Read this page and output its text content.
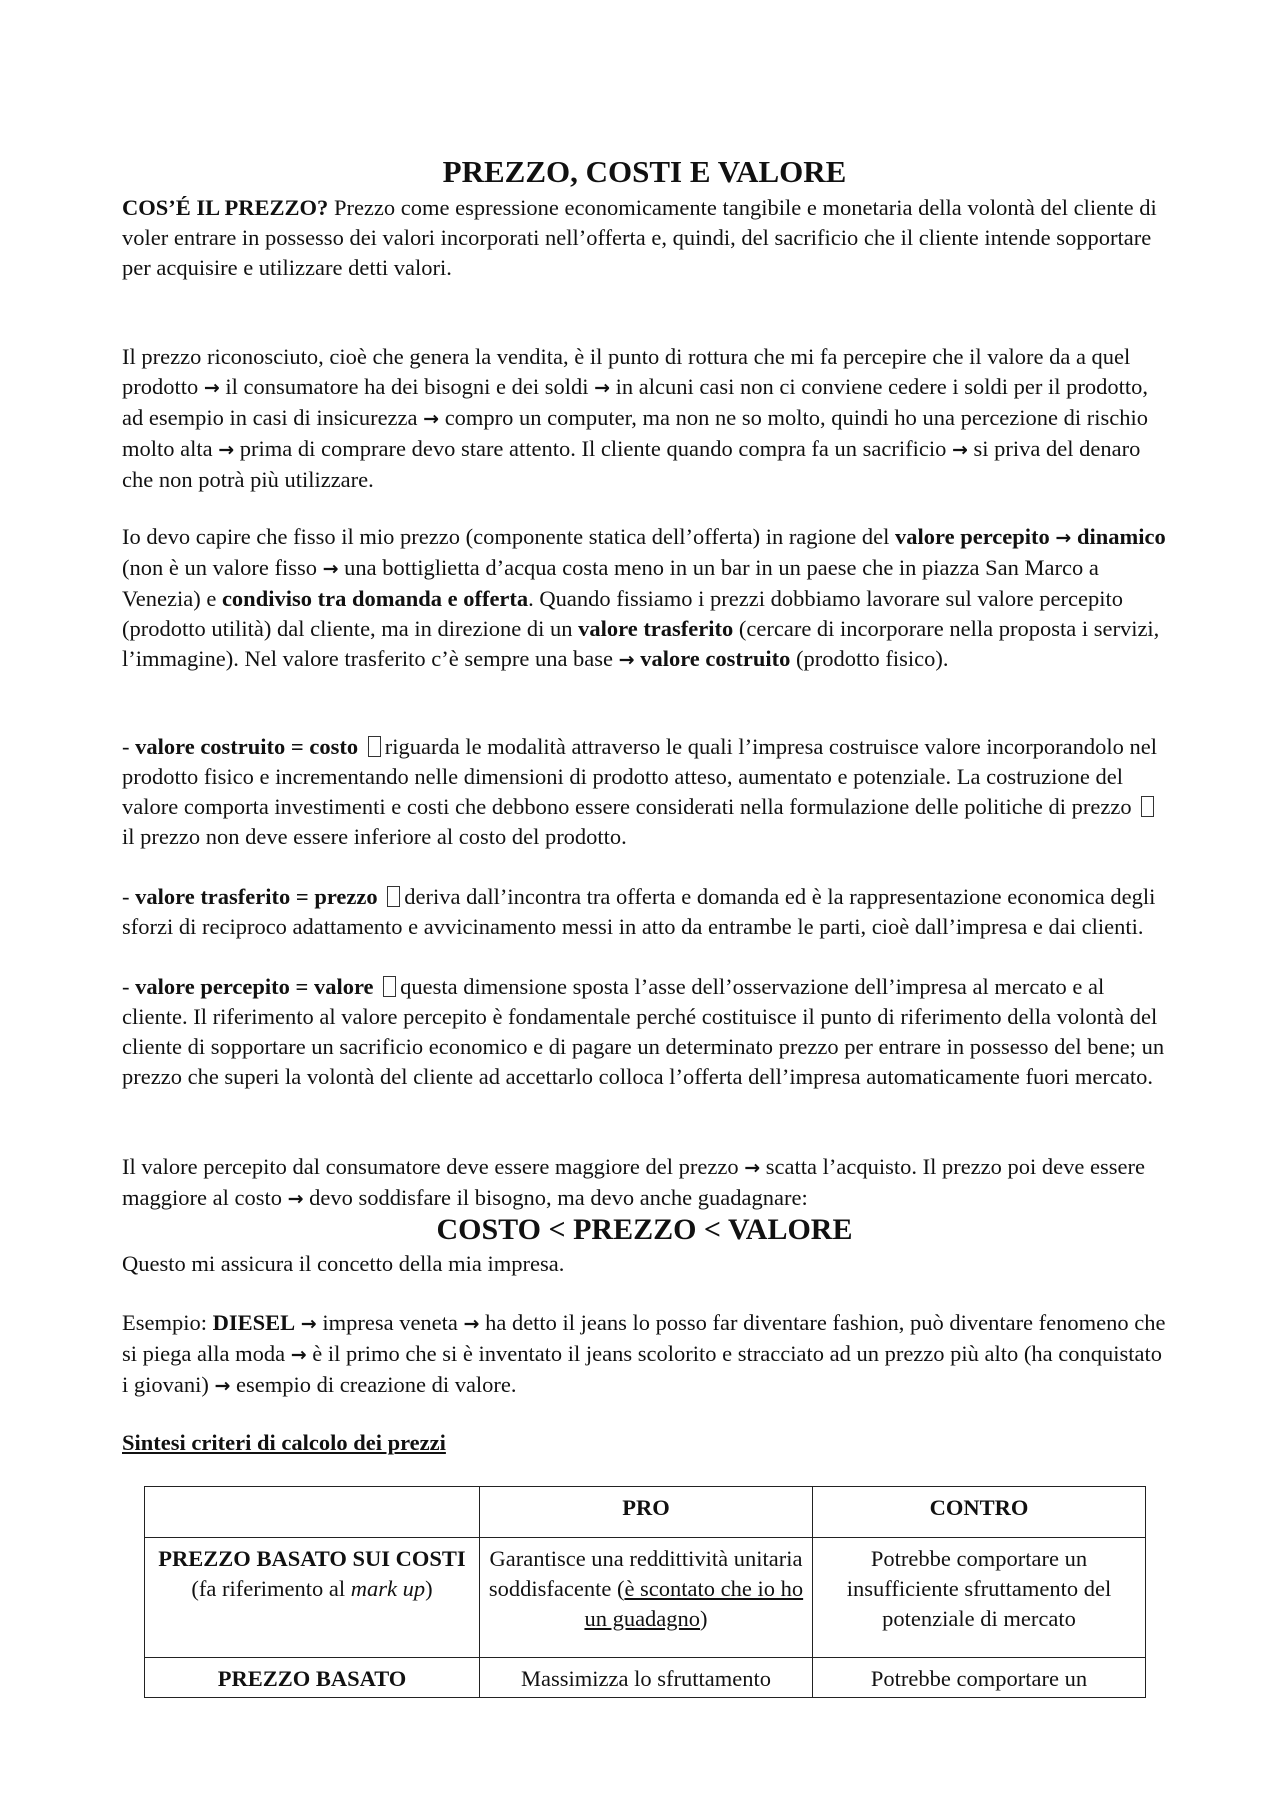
PREZZO, COSTI E VALORE

COS’É IL PREZZO? Prezzo come espressione economicamente tangibile e monetaria della volontà del cliente di voler entrare in possesso dei valori incorporati nell’offerta e, quindi, del sacrificio che il cliente intende sopportare per acquisire e utilizzare detti valori.

Il prezzo riconosciuto, cioè che genera la vendita, è il punto di rottura che mi fa percepire che il valore da a quel prodotto → il consumatore ha dei bisogni e dei soldi → in alcuni casi non ci conviene cedere i soldi per il prodotto, ad esempio in casi di insicurezza → compro un computer, ma non ne so molto, quindi ho una percezione di rischio molto alta → prima di comprare devo stare attento. Il cliente quando compra fa un sacrificio → si priva del denaro che non potrà più utilizzare.

Io devo capire che fisso il mio prezzo (componente statica dell’offerta) in ragione del valore percepito → dinamico (non è un valore fisso → una bottiglietta d’acqua costa meno in un bar in un paese che in piazza San Marco a Venezia) e condiviso tra domanda e offerta. Quando fissiamo i prezzi dobbiamo lavorare sul valore percepito (prodotto utilità) dal cliente, ma in direzione di un valore trasferito (cercare di incorporare nella proposta i servizi, l’immagine). Nel valore trasferito c’è sempre una base → valore costruito (prodotto fisico).

- valore costruito = costo riguarda le modalità attraverso le quali l’impresa costruisce valore incorporandolo nel prodotto fisico e incrementando nelle dimensioni di prodotto atteso, aumentato e potenziale. La costruzione del valore comporta investimenti e costi che debbono essere considerati nella formulazione delle politiche di prezzo il prezzo non deve essere inferiore al costo del prodotto.

- valore trasferito = prezzo deriva dall’incontra tra offerta e domanda ed è la rappresentazione economica degli sforzi di reciproco adattamento e avvicinamento messi in atto da entrambe le parti, cioè dall’impresa e dai clienti.

- valore percepito = valore questa dimensione sposta l’asse dell’osservazione dell’impresa al mercato e al cliente. Il riferimento al valore percepito è fondamentale perché costituisce il punto di riferimento della volontà del cliente di sopportare un sacrificio economico e di pagare un determinato prezzo per entrare in possesso del bene; un prezzo che superi la volontà del cliente ad accettarlo colloca l’offerta dell’impresa automaticamente fuori mercato.

Il valore percepito dal consumatore deve essere maggiore del prezzo → scatta l’acquisto. Il prezzo poi deve essere maggiore al costo → devo soddisfare il bisogno, ma devo anche guadagnare:

COSTO < PREZZO < VALORE

Questo mi assicura il concetto della mia impresa.

Esempio: DIESEL → impresa veneta → ha detto il jeans lo posso far diventare fashion, può diventare fenomeno che si piega alla moda → è il primo che si è inventato il jeans scolorito e stracciato ad un prezzo più alto (ha conquistato i giovani) → esempio di creazione di valore.

Sintesi criteri di calcolo dei prezzi
	PRO	CONTRO
PREZZO BASATO SUI COSTI
(fa riferimento al mark up)	Garantisce una reddittività unitaria soddisfacente (è scontato che io ho un guadagno)	Potrebbe comportare un insufficiente sfruttamento del potenziale di mercato
PREZZO BASATO	Massimizza lo sfruttamento	Potrebbe comportare un
